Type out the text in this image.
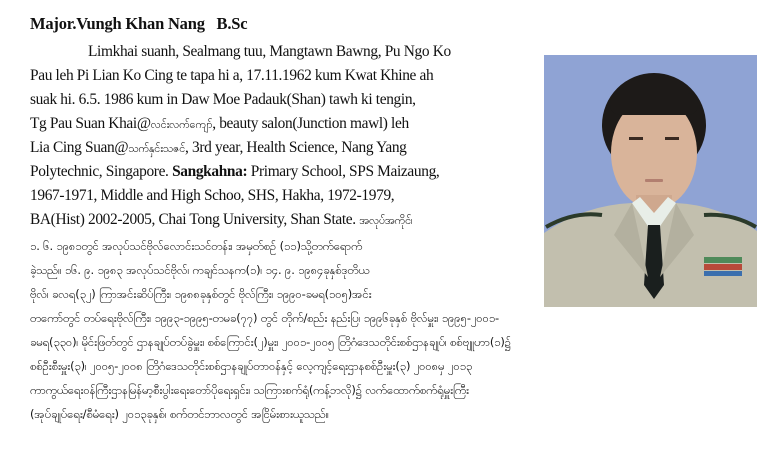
Major.Vungh Khan Nang   B.Sc
Limkhai suanh, Sealmang tuu, Mangtawn Bawng, Pu Ngo Ko
Pau leh Pi Lian Ko Cing te tapa hi a, 17.11.1962 kum Kwat Khine ah
suak hi. 6.5. 1986 kum in Daw Moe Padauk(Shan) tawh ki tengin,
Tg Pau Suan Khai@လင်းလက်ကျော်, beauty salon(Junction mawl) leh
Lia Cing Suan@သက်နှင်းသဇင်, 3rd year, Health Science, Nang Yang
Polytechnic, Singapore. Sangkahna: Primary School, SPS Maizaung,
1967-1971, Middle and High Schoo, SHS, Hakha, 1972-1979,
BA(Hist) 2002-2005, Chai Tong University, Shan State. အလုပ်အကိုင်၊
၁. ၆. ၁၉၈၁တွင် အလုပ်သင်ဗိုလ်လောင်းသင်တန်း၊ အမှတ်စဉ် (၁၁)သို့တက်ရောက်
ခဲ့သည်။ ၁၆. ၉. ၁၉၈၃ အလုပ်သင်ဗိုလ်၊ ကချင်သနက(၁)၊ ၁၄. ၉. ၁၉၈၄ခုနှစ်ဒုတိယ
ဗိုလ်၊ ခလရ(၃၂) ကြာအင်းဆိပ်ကြီး၊ ၁၉၈၈ခုနှစ်တွင် ဗိုလ်ကြီး၊ ၁၉၉၀-ခမရ(၁၀၅)အင်း
တကော်တွင် တပ်ရေးဗိုလ်ကြီး၊ ၁၉၉၃-၁၉၉၅-တမခ(၇၇) တွင် တိုက်/စည်း နည်းပြ၊ ၁၉၉၆ခုနှစ် ဗိုလ်မှူး၊ ၁၉၉၅-၂၀၀၁-
ခမရ(၃၃၀)၊ မိုင်းဖြတ်တွင် ဌာနချုပ်တပ်ခွဲမှူး၊ စစ်ကြောင်း(၂)မှူး၊ ၂၀၀၁-၂၀၀၅ တြိဂံဒေသတိုင်းစစ်ဌာနချုပ်၊ စစ်ဗျူဟာ(၁)၌
စစ်ဦးစီးမှူး(၃)၊ ၂၀၀၅-၂၀၀၈ တြိဂံဒေသတိုင်းစစ်ဌာနချုပ်တာဝန်နှင့် လေ့ကျင့်ရေးဌာနစစ်ဦးမှူး(၃) ၂၀၀၈မှ ၂၀၁၃
ကာကွယ်ရေးဝန်ကြီးဌာနမြန်မာ့စီးပွါးရေးတော်ပိုရေးရှင်း၊ သကြားစက်ရုံ(ကန့်ဘလို)၌ လက်ထောက်စက်ရုံမှူးကြီး
(အုပ်ချုပ်ရေး/စီမံရေး) ၂၀၁၃ခုနှစ်၊ စက်တင်ဘာလတွင် အငြိမ်းစားယူသည်။
